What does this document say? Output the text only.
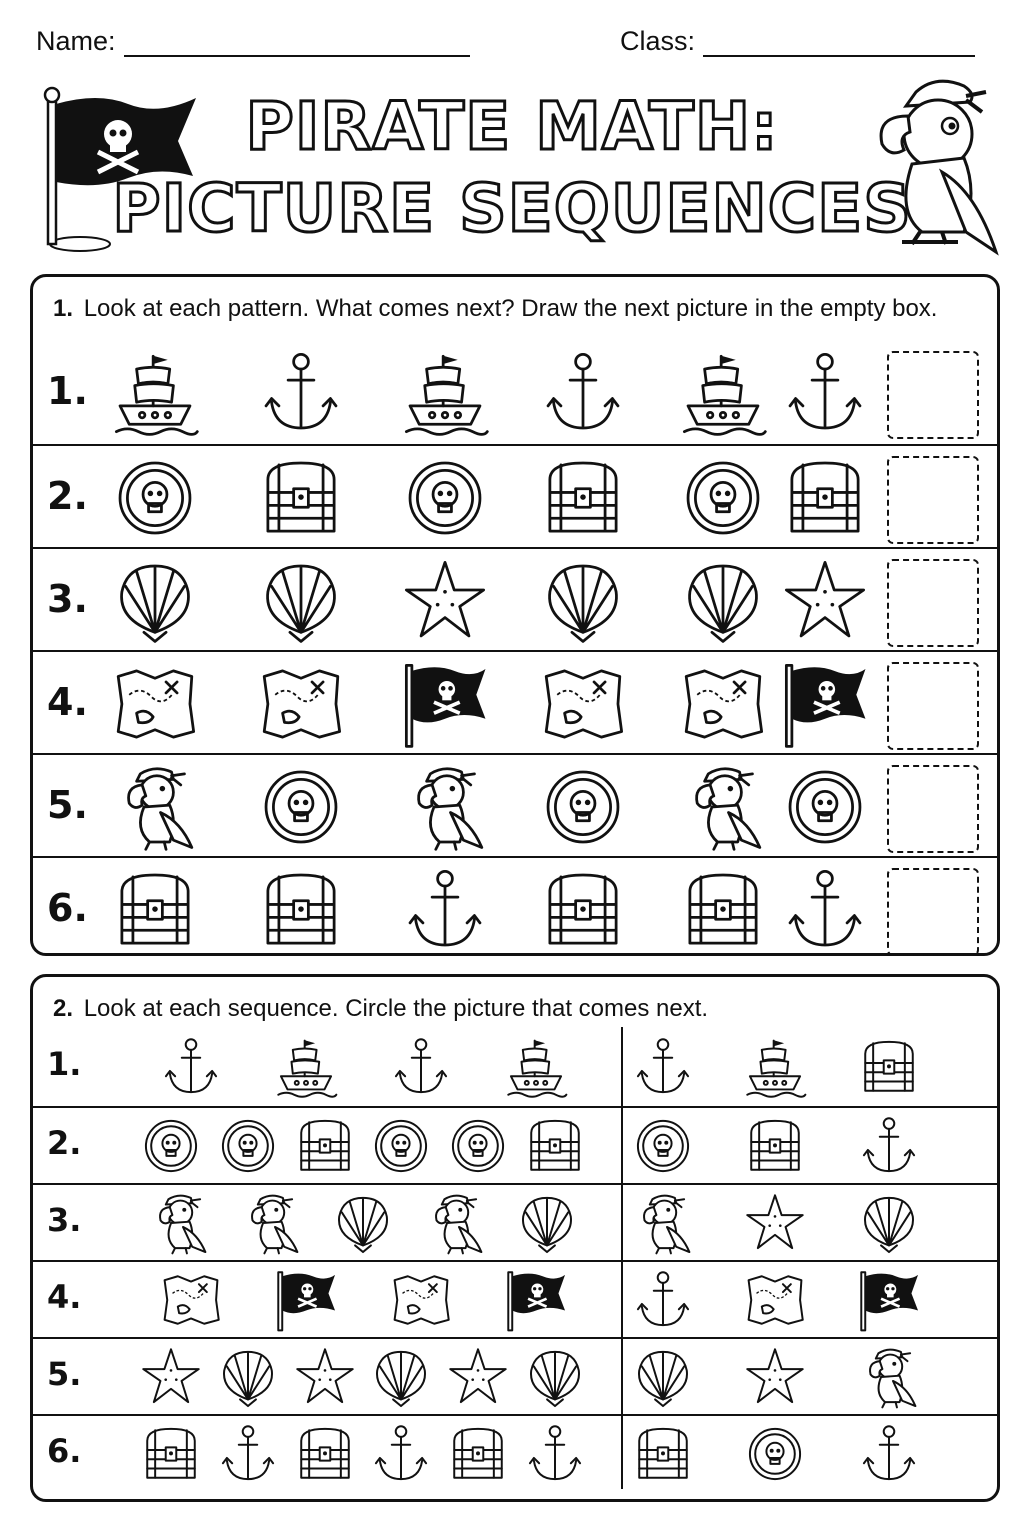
Name:	Class:
PIRATE MATH:
PICTURE SEQUENCES
1. Look at each pattern. What comes next? Draw the next picture in the empty box.
1.
2.
3.
4.
5.
6.
2. Look at each sequence. Circle the picture that comes next.
1.
2.
3.
4.
5.
6.
